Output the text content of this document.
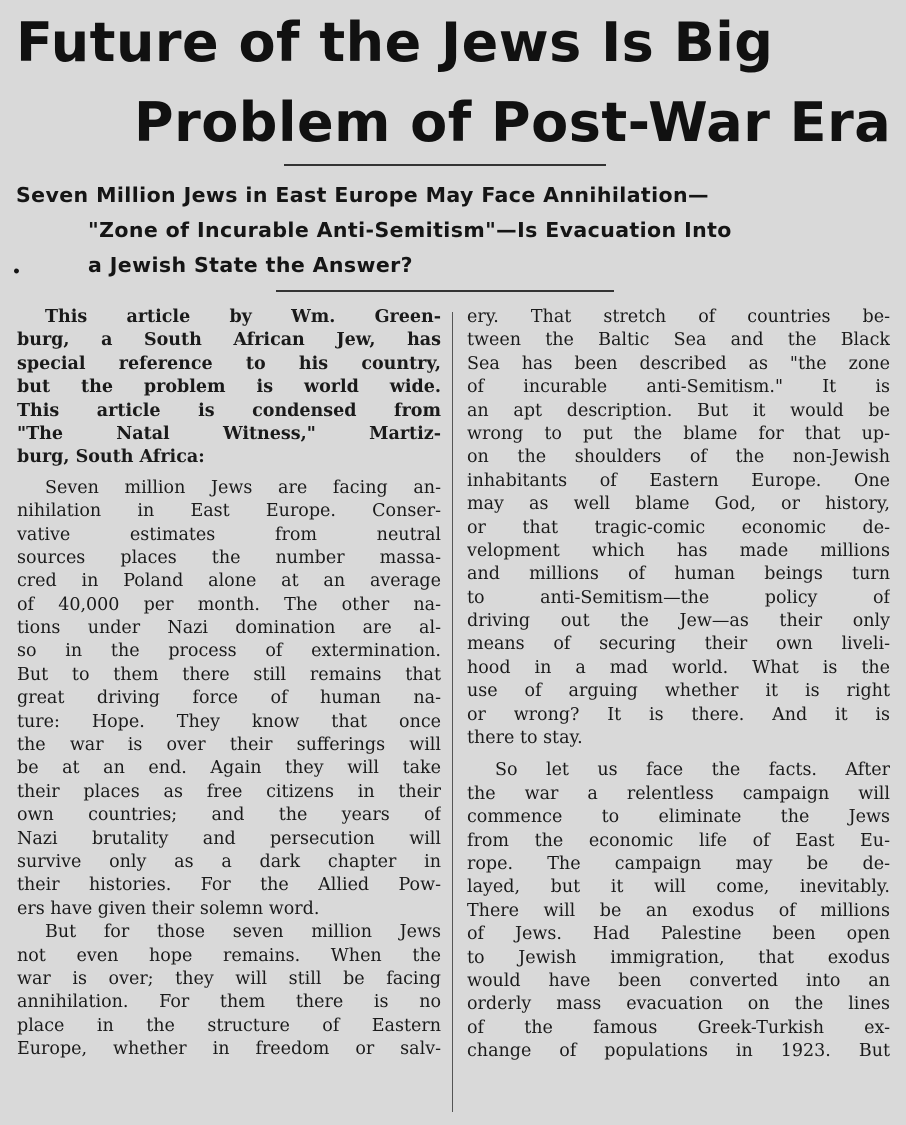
Future of the Jews Is Big
Problem of Post-War Era
Seven Million Jews in East Europe May Face Annihilation—
"Zone of Incurable Anti-Semitism"—Is Evacuation Into
a Jewish State the Answer?
•
This article by Wm. Green-
burg, a South African Jew, has
special reference to his country,
but the problem is world wide.
This article is condensed from
"The Natal Witness," Martiz-
burg, South Africa:
Seven million Jews are facing an-
nihilation in East Europe. Conser-
vative estimates from neutral
sources places the number massa-
cred in Poland alone at an average
of 40,000 per month. The other na-
tions under Nazi domination are al-
so in the process of extermination.
But to them there still remains that
great driving force of human na-
ture: Hope. They know that once
the war is over their sufferings will
be at an end. Again they will take
their places as free citizens in their
own countries; and the years of
Nazi brutality and persecution will
survive only as a dark chapter in
their histories. For the Allied Pow-
ers have given their solemn word.
But for those seven million Jews
not even hope remains. When the
war is over; they will still be facing
annihilation. For them there is no
place in the structure of Eastern
Europe, whether in freedom or salv-
ery. That stretch of countries be-
tween the Baltic Sea and the Black
Sea has been described as "the zone
of incurable anti-Semitism." It is
an apt description. But it would be
wrong to put the blame for that up-
on the shoulders of the non-Jewish
inhabitants of Eastern Europe. One
may as well blame God, or history,
or that tragic-comic economic de-
velopment which has made millions
and millions of human beings turn
to anti-Semitism—the policy of
driving out the Jew—as their only
means of securing their own liveli-
hood in a mad world. What is the
use of arguing whether it is right
or wrong? It is there. And it is
there to stay.
So let us face the facts. After
the war a relentless campaign will
commence to eliminate the Jews
from the economic life of East Eu-
rope. The campaign may be de-
layed, but it will come, inevitably.
There will be an exodus of millions
of Jews. Had Palestine been open
to Jewish immigration, that exodus
would have been converted into an
orderly mass evacuation on the lines
of the famous Greek-Turkish ex-
change of populations in 1923. But
